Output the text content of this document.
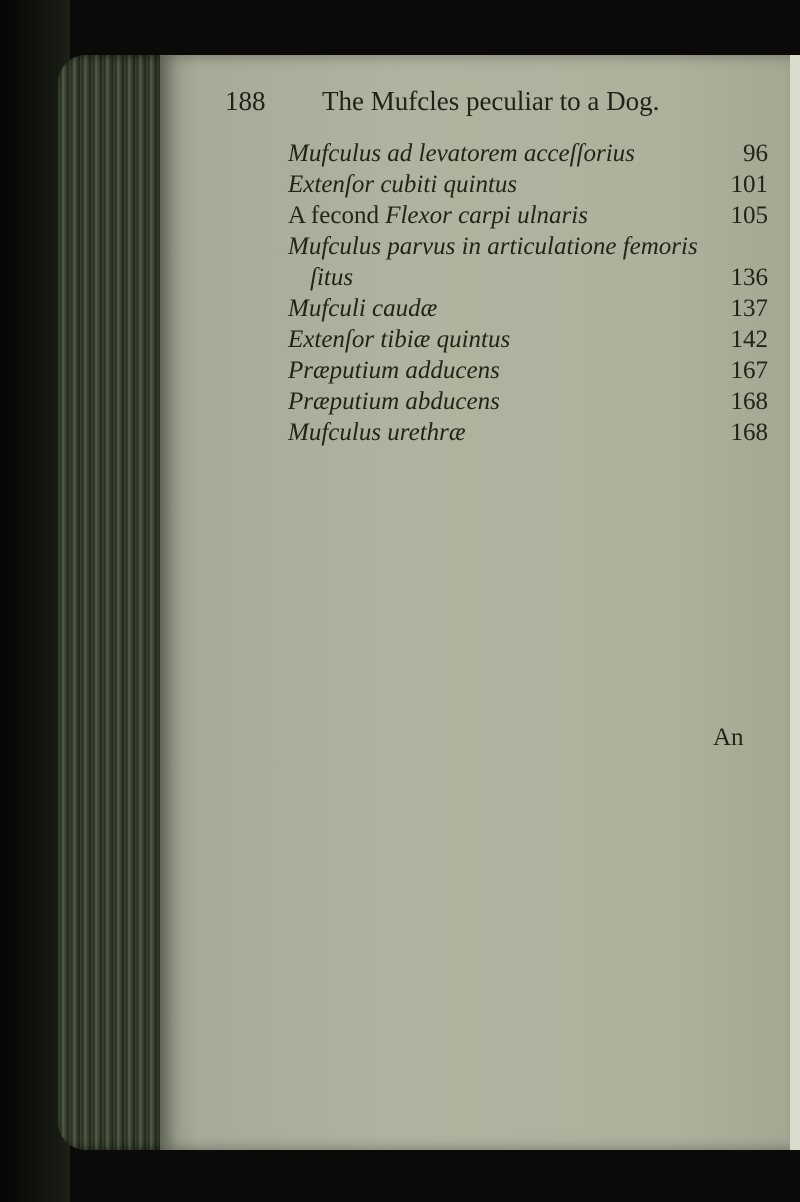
188 The Mufcles peculiar to a Dog.
Mufculus ad levatorem acceſſorius	96
Extenſor cubiti quintus	101
A fecond Flexor carpi ulnaris	105
Mufculus parvus in articulatione femoris
ſitus	136
Mufculi caudæ	137
Extenſor tibiæ quintus	142
Præputium adducens	167
Præputium abducens	168
Mufculus urethræ	168
An
